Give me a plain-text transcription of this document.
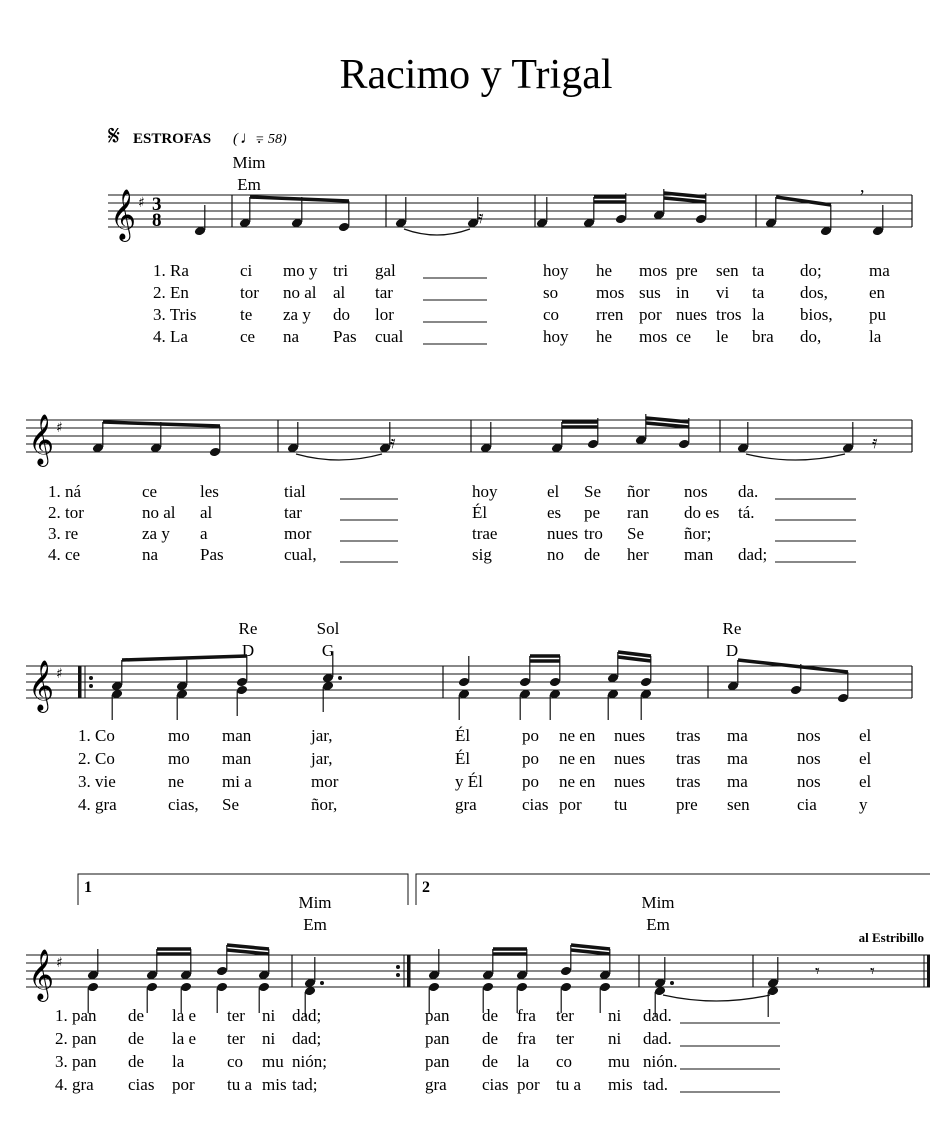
Racimo y Trigal
𝄋 ESTROFAS ( ♩.
= 58)
𝄞 ♯ 3
8
Mim
Em
𝄿
,
1. Ra	ci mo y tri gal	hoy he mos pre sen ta do;	ma
2. En	tor no al al tar	so mos sus in vi ta dos, en
3. Tris	te za y do lor	co rren por nues tros la bios, pu
4. La	ce na Pas cual	hoy he mos ce le bra do,	la
𝄞 ♯
𝄿	𝄿
1. ná	ce	les	tial	hoy	el Se ñor nos da.
2. tor	no al al	tar	Él	es pe ran do es tá.
3. re	za y a	mor	trae	nues tro Se ñor;
4. ce	na Pas	cual,	sig	no de her man dad;
𝄞 ♯
Re
D
Sol
G
Re
D
1. Co	mo man	jar,	Él	po ne en nues tras ma	nos el
2. Co	mo man	jar,	Él	po ne en nues tras ma	nos el
3. vie	ne mi a	mor	y Él po ne en nues tras ma	nos el
4. gra	cias, Se	ñor,	gra	cias por tu	pre sen	cia y
𝄞 ♯
1	2
Mim
Em
Mim
Em
al Estribillo
𝄾	𝄾
1. pan de la e ter ni dad;	pan de fra ter ni dad.
2. pan de la e ter ni dad;	pan de fra ter ni dad.
3. pan de la	co mu nión;	pan de la co mu nión.
4. gra cias por tu a mis tad;	gra cias por tu a mis tad.
